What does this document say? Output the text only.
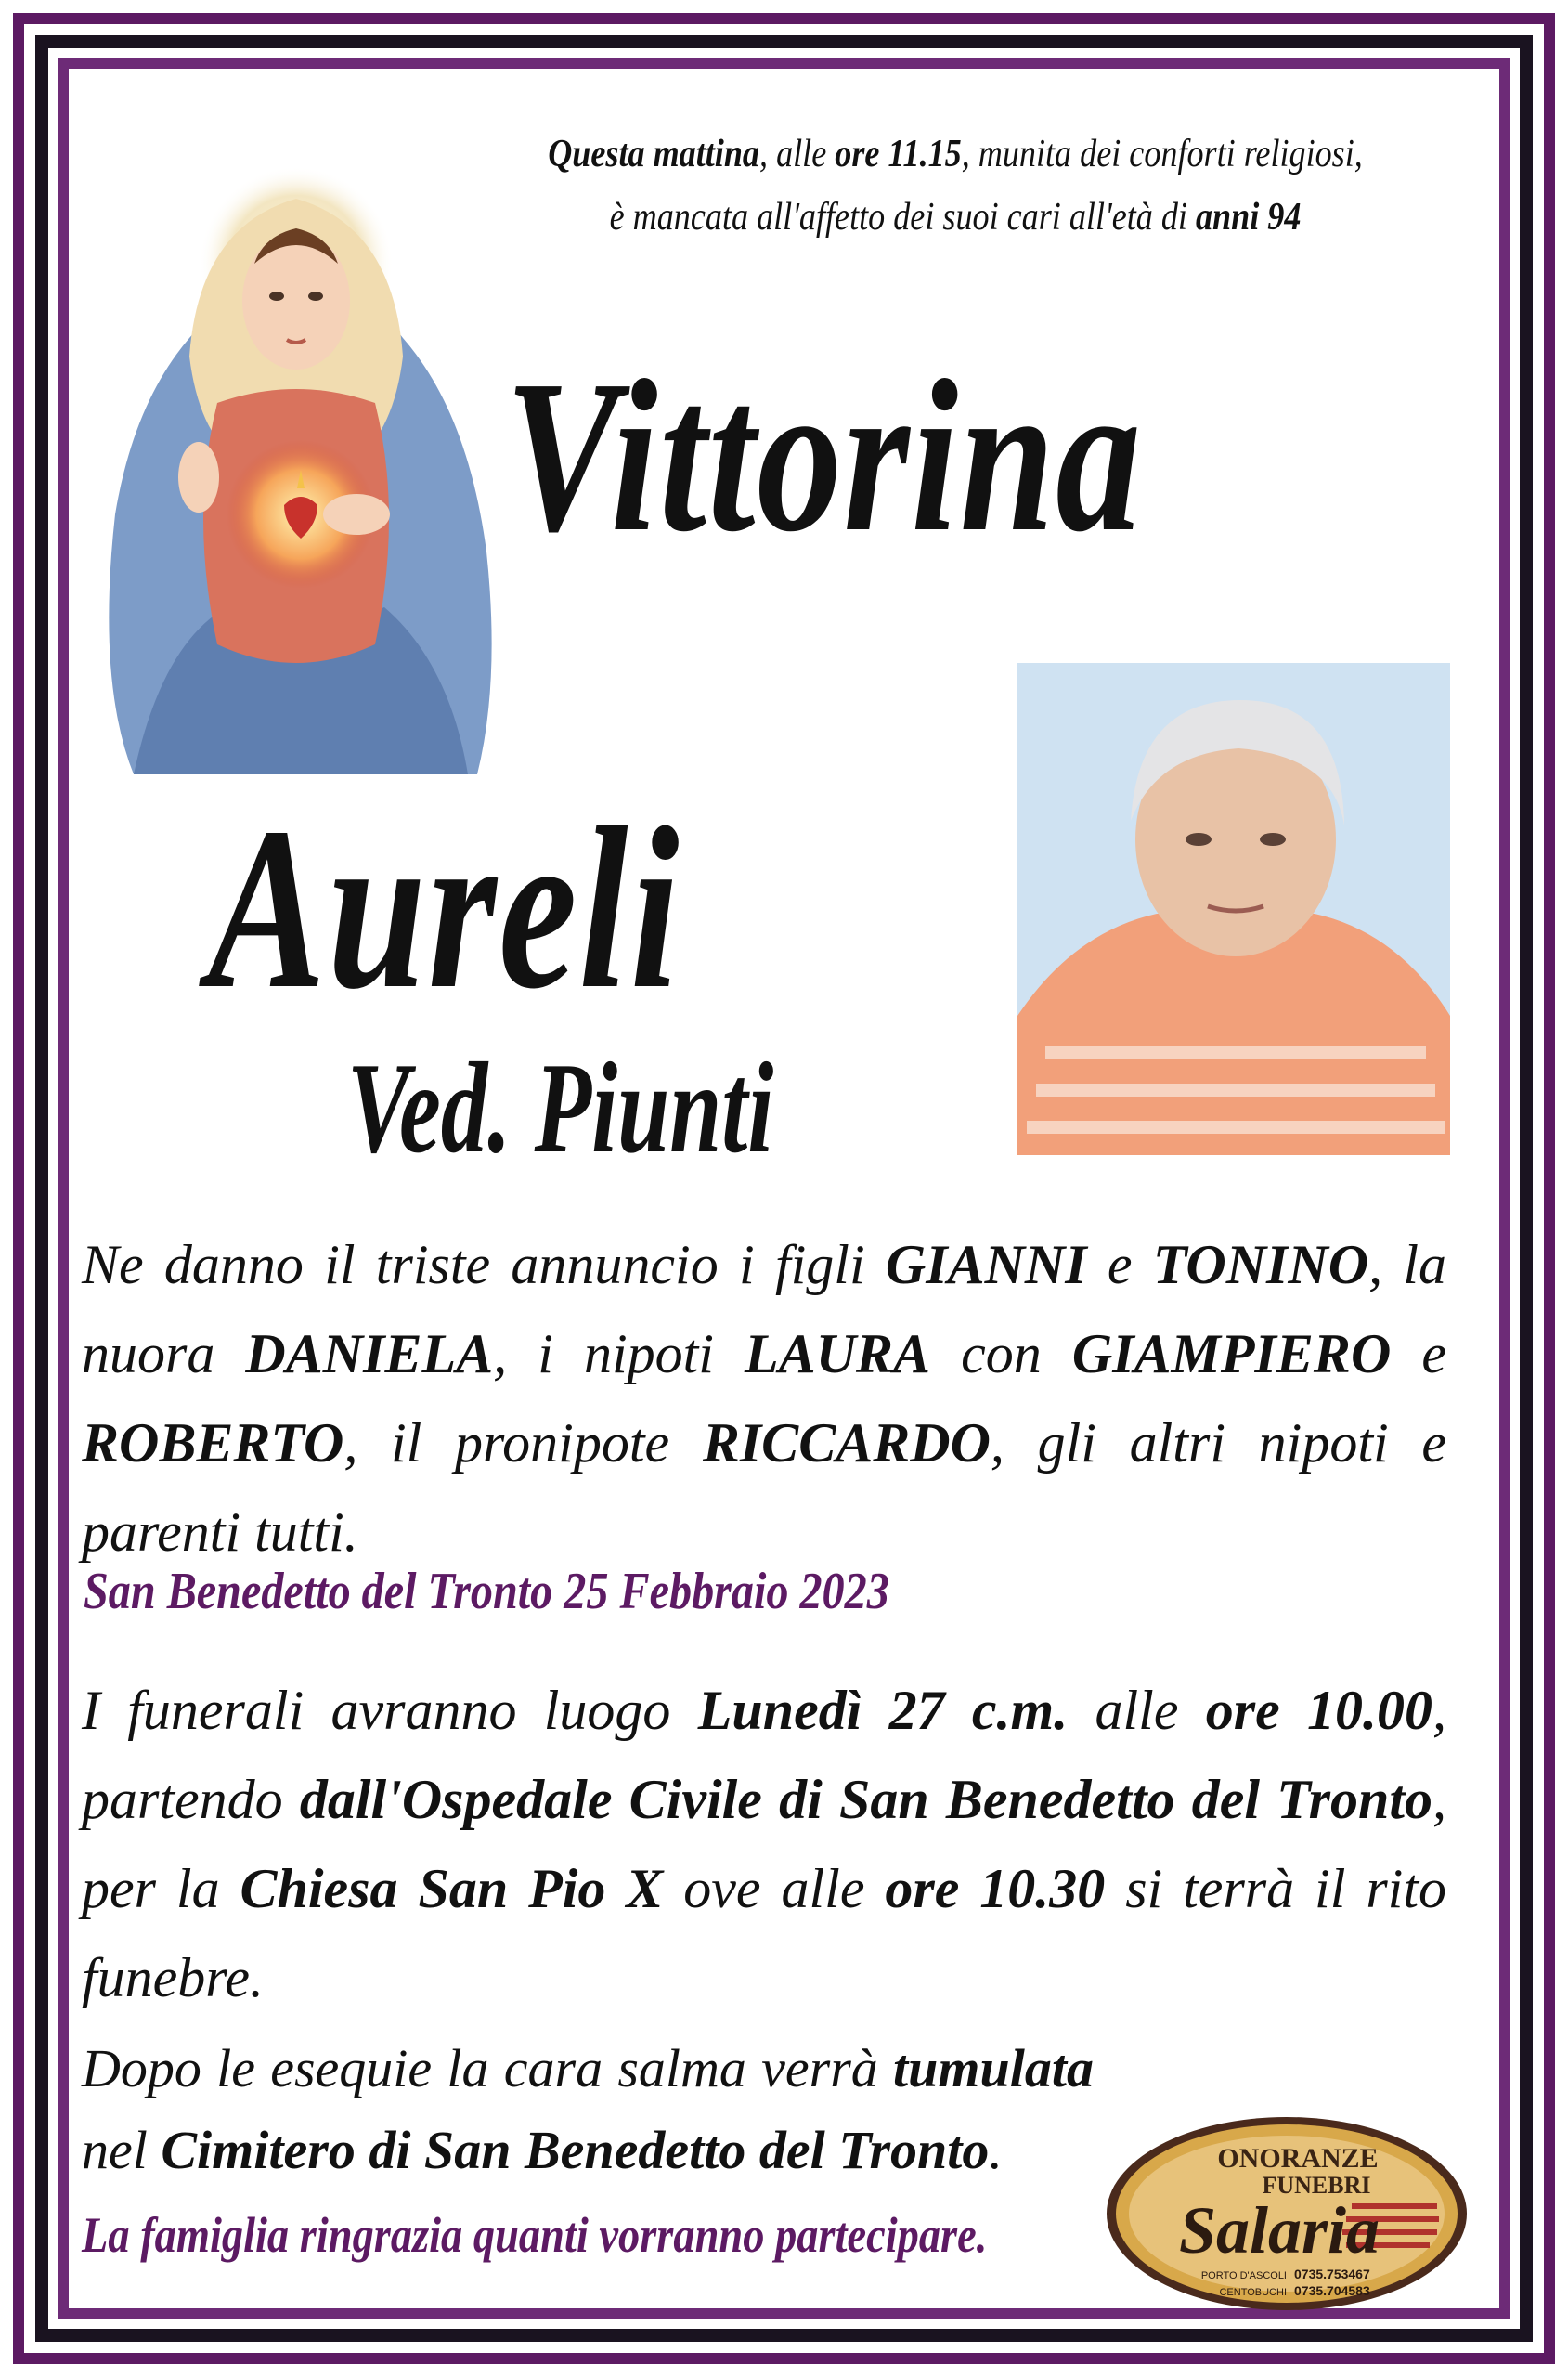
Questa mattina, alle ore 11.15, munita dei conforti religiosi,
è mancata all'affetto dei suoi cari all'età di anni 94
Vittorina
Aureli
Ved. Piunti
Ne danno il triste annuncio i figli GIANNI e TONINO, la nuora DANIELA, i nipoti LAURA con GIAMPIERO e ROBERTO, il pronipote RICCARDO, gli altri nipoti e parenti tutti.
San Benedetto del Tronto 25 Febbraio 2023
I funerali avranno luogo Lunedì 27 c.m. alle ore 10.00, partendo dall'Ospedale Civile di San Benedetto del Tronto, per la Chiesa San Pio X ove alle ore 10.30 si terrà il rito funebre.
Dopo le esequie la cara salma verrà tumulata nel Cimitero di San Benedetto del Tronto.
La famiglia ringrazia quanti vorranno partecipare.
ONORANZE
FUNEBRI
Salaria
PORTO D'ASCOLI 0735.753467
CENTOBUCHI 0735.704583
